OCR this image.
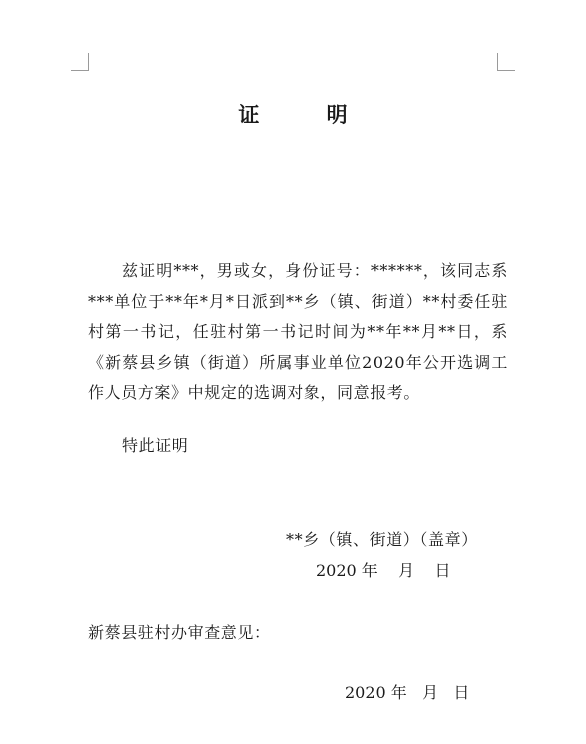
证 明
兹证明***，男或女，身份证号：******，该同志系***单位于**年*月*日派到**乡（镇、街道）**村委任驻村第一书记，任驻村第一书记时间为**年**月**日，系《新蔡县乡镇（街道）所属事业单位2020年公开选调工作人员方案》中规定的选调对象，同意报考。
特此证明
**乡（镇、街道）（盖章）
2020 年    月    日
新蔡县驻村办审查意见：
2020 年   月   日
